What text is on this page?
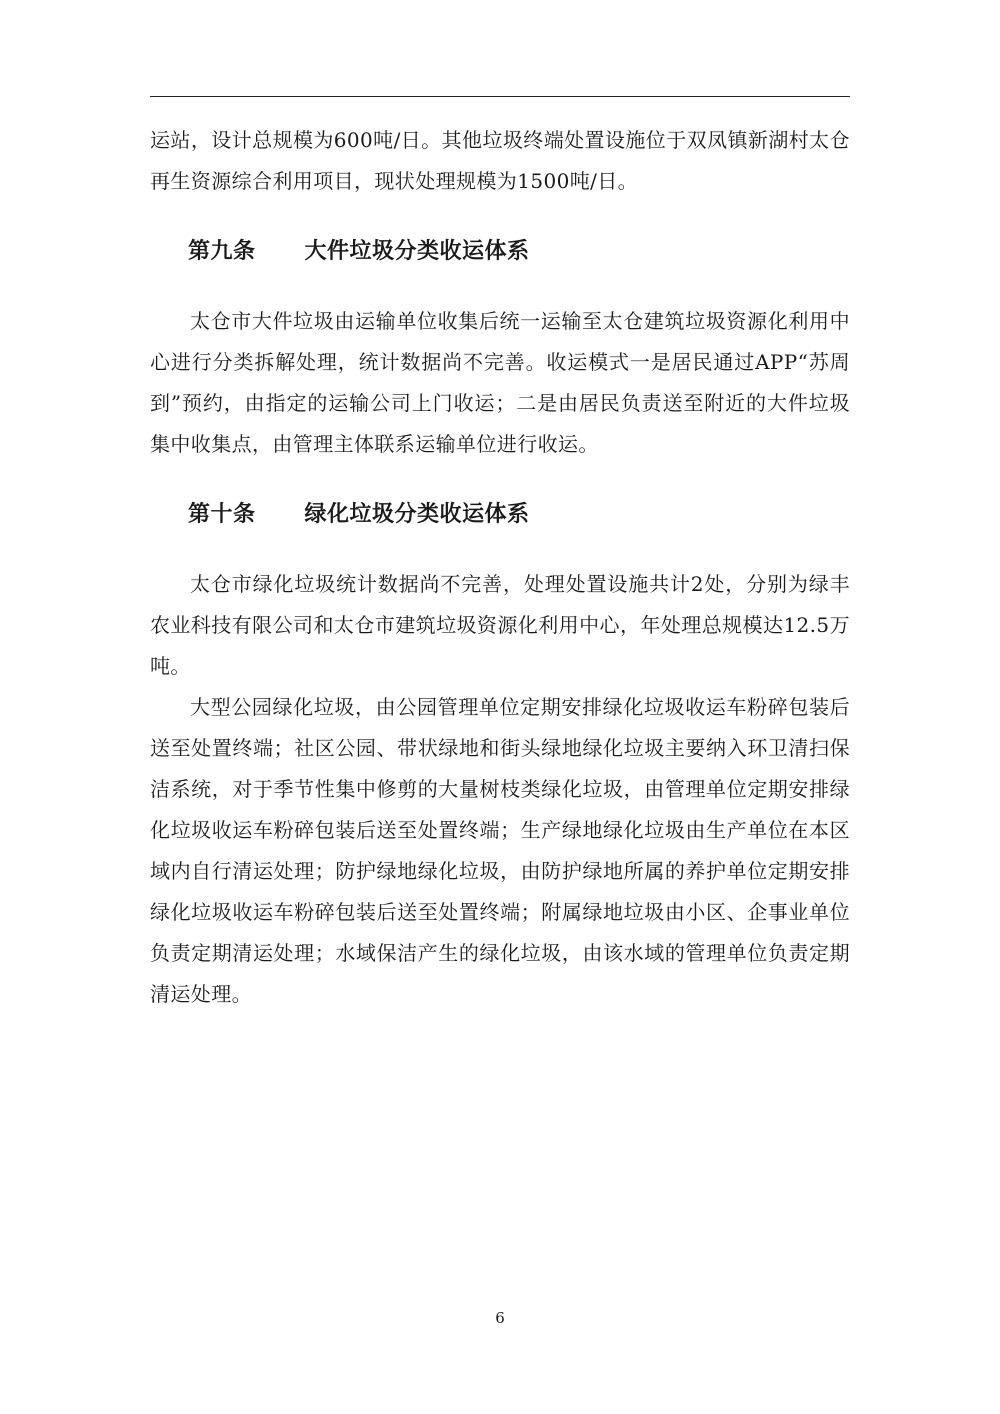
运站，设计总规模为600吨/日。其他垃圾终端处置设施位于双凤镇新湖村太仓再生资源综合利用项目，现状处理规模为1500吨/日。

第九条      大件垃圾分类收运体系

太仓市大件垃圾由运输单位收集后统一运输至太仓建筑垃圾资源化利用中心进行分类拆解处理，统计数据尚不完善。收运模式一是居民通过APP“苏周到”预约，由指定的运输公司上门收运；二是由居民负责送至附近的大件垃圾集中收集点，由管理主体联系运输单位进行收运。

第十条      绿化垃圾分类收运体系

太仓市绿化垃圾统计数据尚不完善，处理处置设施共计2处，分别为绿丰农业科技有限公司和太仓市建筑垃圾资源化利用中心，年处理总规模达12.5万吨。

大型公园绿化垃圾，由公园管理单位定期安排绿化垃圾收运车粉碎包装后送至处置终端；社区公园、带状绿地和街头绿地绿化垃圾主要纳入环卫清扫保洁系统，对于季节性集中修剪的大量树枝类绿化垃圾，由管理单位定期安排绿化垃圾收运车粉碎包装后送至处置终端；生产绿地绿化垃圾由生产单位在本区域内自行清运处理；防护绿地绿化垃圾，由防护绿地所属的养护单位定期安排绿化垃圾收运车粉碎包装后送至处置终端；附属绿地垃圾由小区、企事业单位负责定期清运处理；水域保洁产生的绿化垃圾，由该水域的管理单位负责定期清运处理。

6
